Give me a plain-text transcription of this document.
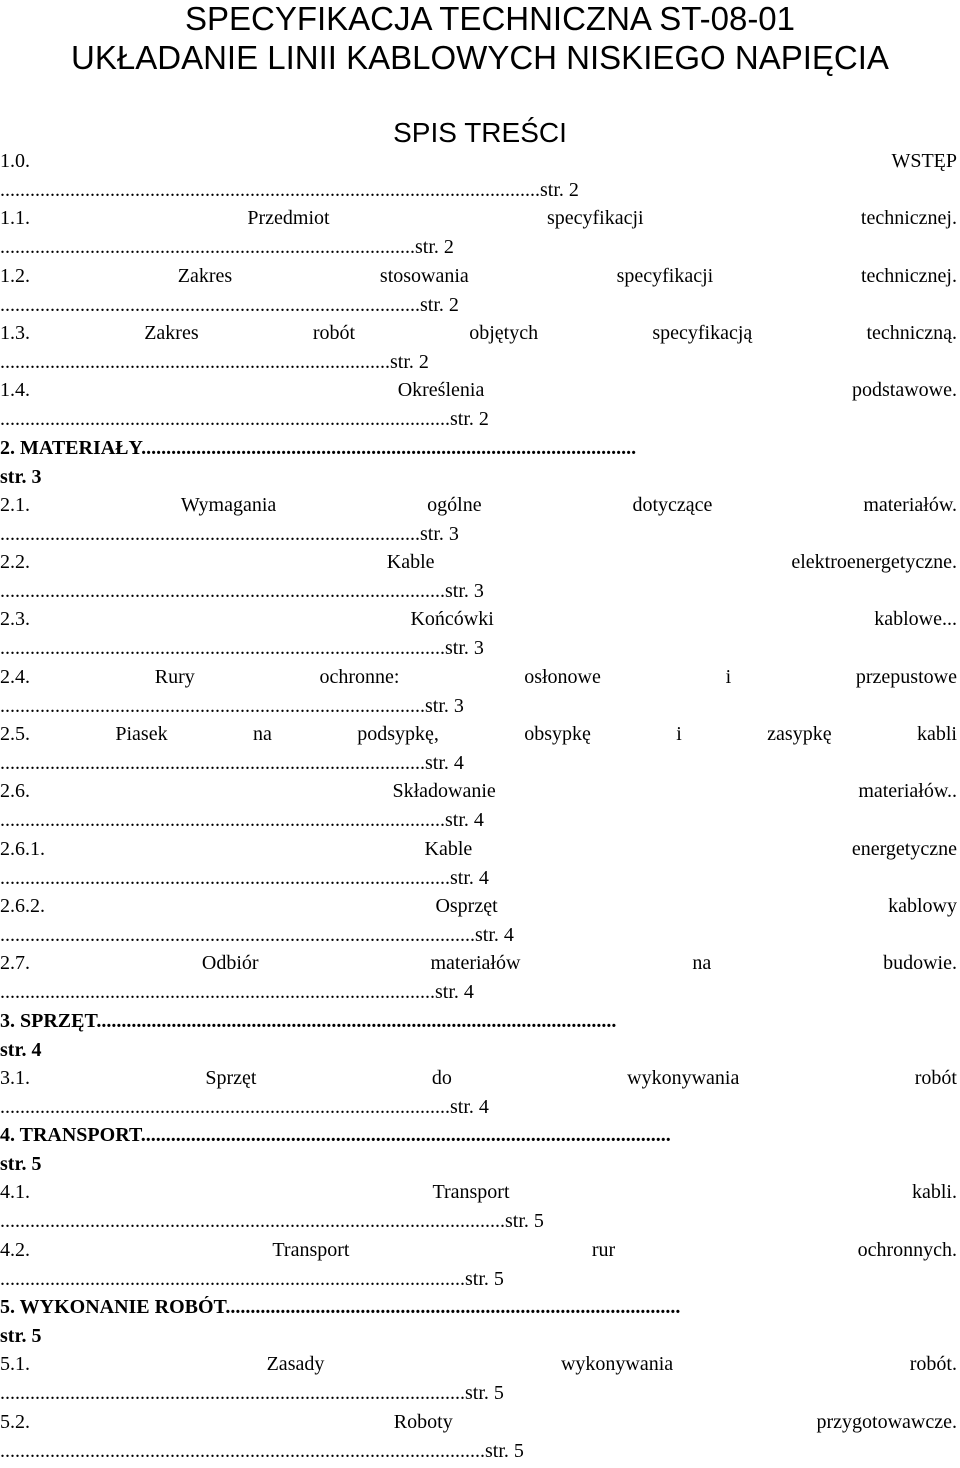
SPECYFIKACJA TECHNICZNA ST-08-01
UKŁADANIE LINII KABLOWYCH NISKIEGO NAPIĘCIA
SPIS TREŚCI
1.0.	WSTĘP
............................................................................................................str. 2
1.1.	Przedmiot	specyfikacji	technicznej.
...................................................................................str. 2
1.2.	Zakres	stosowania	specyfikacji	technicznej.
....................................................................................str. 2
1.3.	Zakres	robót	objętych	specyfikacją	techniczną.
..............................................................................str. 2
1.4.	Określenia	podstawowe.
..........................................................................................str. 2
2. MATERIAŁY...................................................................................................
str. 3
2.1.	Wymagania	ogólne	dotyczące	materiałów.
....................................................................................str. 3
2.2.	Kable	elektroenergetyczne.
.........................................................................................str. 3
2.3.	Końcówki	kablowe...
.........................................................................................str. 3
2.4.	Rury	ochronne:	osłonowe	i	przepustowe
.....................................................................................str. 3
2.5.	Piasek	na	podsypkę,	obsypkę	i	zasypkę	kabli
.....................................................................................str. 4
2.6.	Składowanie	materiałów..
.........................................................................................str. 4
2.6.1.	Kable	energetyczne
..........................................................................................str. 4
2.6.2.	Osprzęt	kablowy
...............................................................................................str. 4
2.7.	Odbiór	materiałów	na	budowie.
.......................................................................................str. 4
3. SPRZĘT........................................................................................................
str. 4
3.1.	Sprzęt	do	wykonywania	robót
..........................................................................................str. 4
4. TRANSPORT..........................................................................................................
str. 5
4.1.	Transport	kabli.
.....................................................................................................str. 5
4.2.	Transport	rur	ochronnych.
.............................................................................................str. 5
5. WYKONANIE ROBÓT...........................................................................................
str. 5
5.1.	Zasady	wykonywania	robót.
.............................................................................................str. 5
5.2.	Roboty	przygotowawcze.
.................................................................................................str. 5
